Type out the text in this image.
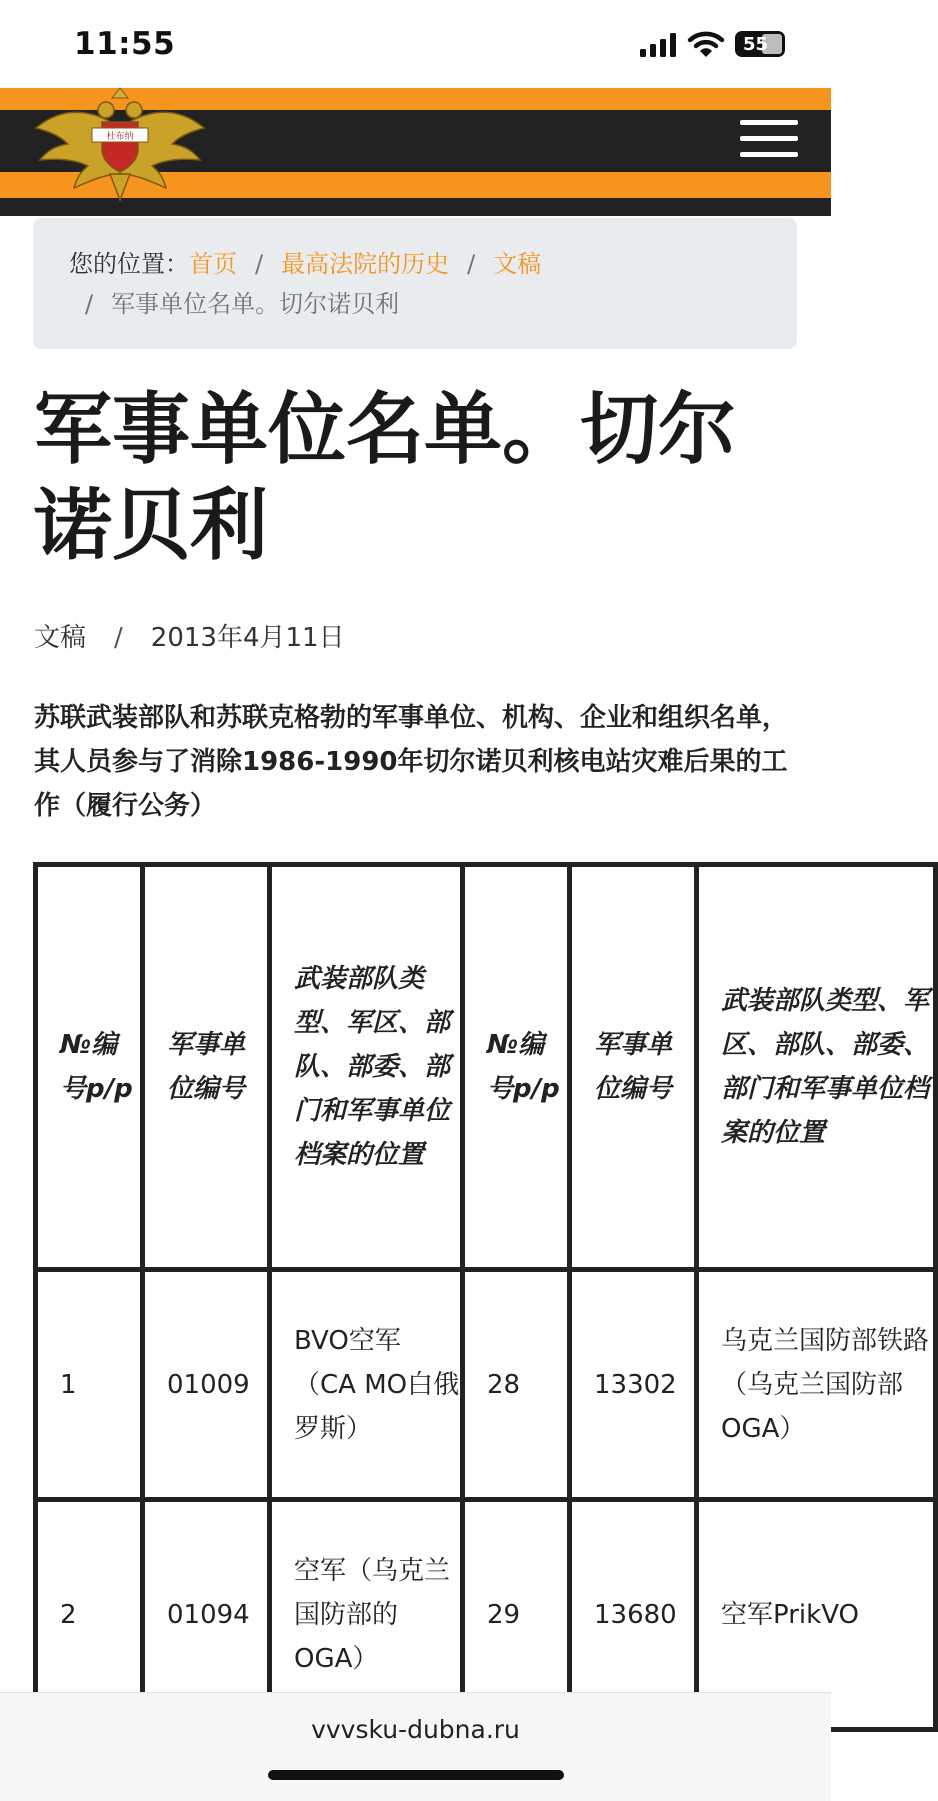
11:55	55
杜布纳
您的位置：首页 / 最高法院的历史 / 文稿
/ 军事单位名单。切尔诺贝利
军事单位名单。切尔诺贝利
文稿 / 2013年4月11日

苏联武装部队和苏联克格勃的军事单位、机构、企业和组织名单，其人员参与了消除1986-1990年切尔诺贝利核电站灾难后果的工作（履行公务）

№编号p/p	军事单位编号	武装部队类型、军区、部队、部委、部门和军事单位档案的位置	№编号p/p	军事单位编号	武装部队类型、军区、部队、部委、部门和军事单位档案的位置
1	01009	BVO空军（CA MO白俄罗斯）	28	13302	乌克兰国防部铁路（乌克兰国防部OGA）
2	01094	空军（乌克兰国防部的OGA）	29	13680	空军PrikVO
vvvsku-dubna.ru
